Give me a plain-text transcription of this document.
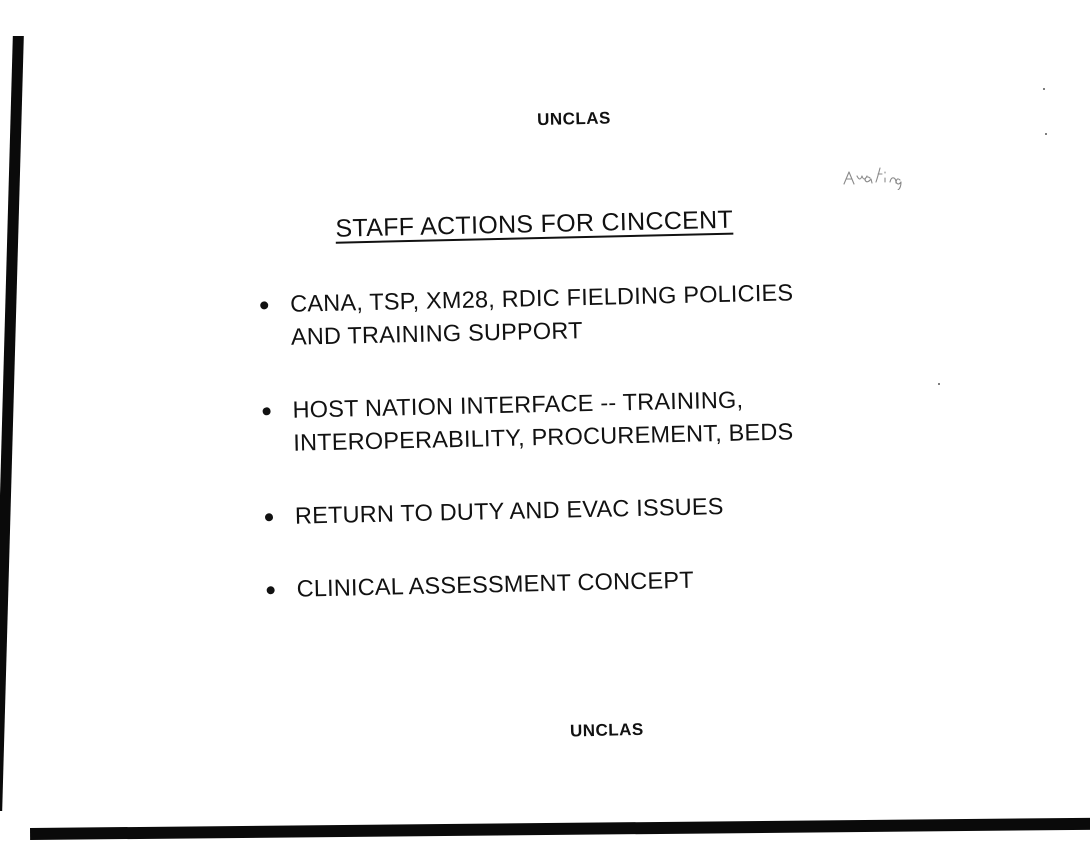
UNCLAS
STAFF ACTIONS FOR CINCCENT
CANA, TSP, XM28, RDIC FIELDING POLICIES
AND TRAINING SUPPORT
HOST NATION INTERFACE -- TRAINING,
INTEROPERABILITY, PROCUREMENT, BEDS
RETURN TO DUTY AND EVAC ISSUES
CLINICAL ASSESSMENT CONCEPT
UNCLAS
